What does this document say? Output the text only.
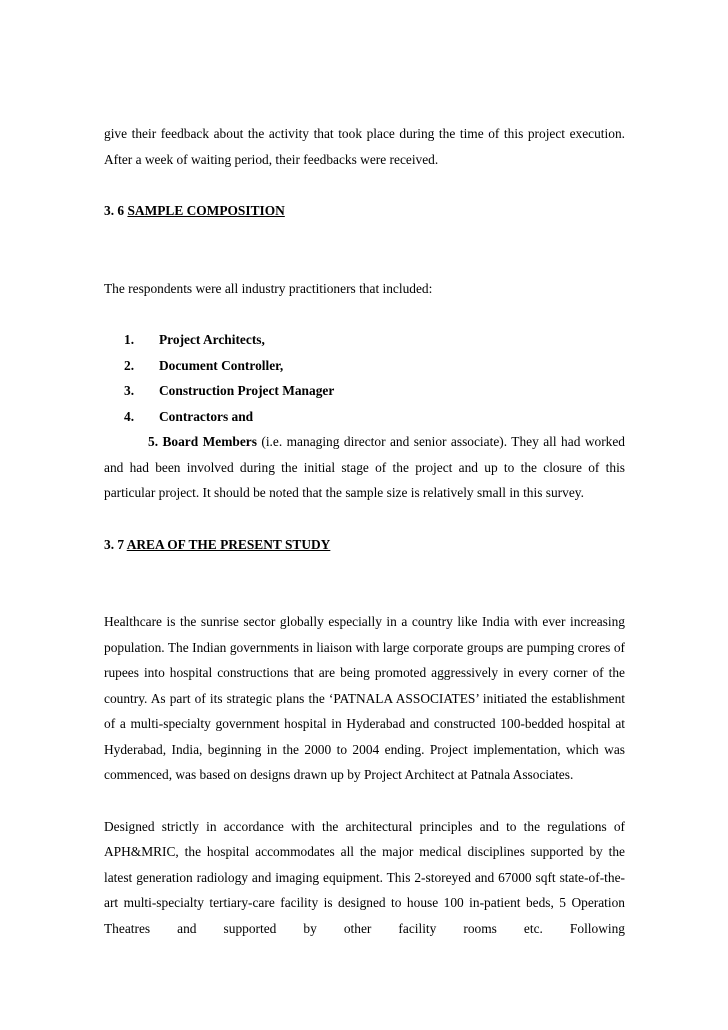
give their feedback about the activity that took place during the time of this project execution. After a week of waiting period, their feedbacks were received.

3. 6 SAMPLE COMPOSITION

The respondents were all industry practitioners that included:

1.	Project Architects,
2.	Document Controller,
3.	Construction Project Manager
4.	Contractors and

5. Board Members (i.e. managing director and senior associate). They all had worked and had been involved during the initial stage of the project and up to the closure of this particular project. It should be noted that the sample size is relatively small in this survey.

3. 7 AREA OF THE PRESENT STUDY

Healthcare is the sunrise sector globally especially in a country like India with ever increasing population. The Indian governments in liaison with large corporate groups are pumping crores of rupees into hospital constructions that are being promoted aggressively in every corner of the country. As part of its strategic plans the ‘PATNALA ASSOCIATES’ initiated the establishment of a multi-specialty government hospital in Hyderabad and constructed 100-bedded hospital at Hyderabad, India, beginning in the 2000 to 2004 ending. Project implementation, which was commenced, was based on designs drawn up by Project Architect at Patnala Associates.

Designed strictly in accordance with the architectural principles and to the regulations of APH&MRIC, the hospital accommodates all the major medical disciplines supported by the latest generation radiology and imaging equipment. This 2-storeyed and 67000 sqft state-of-the-art multi-specialty tertiary-care facility is designed to house 100 in-patient beds, 5 Operation Theatres and supported by other facility rooms etc. Following
